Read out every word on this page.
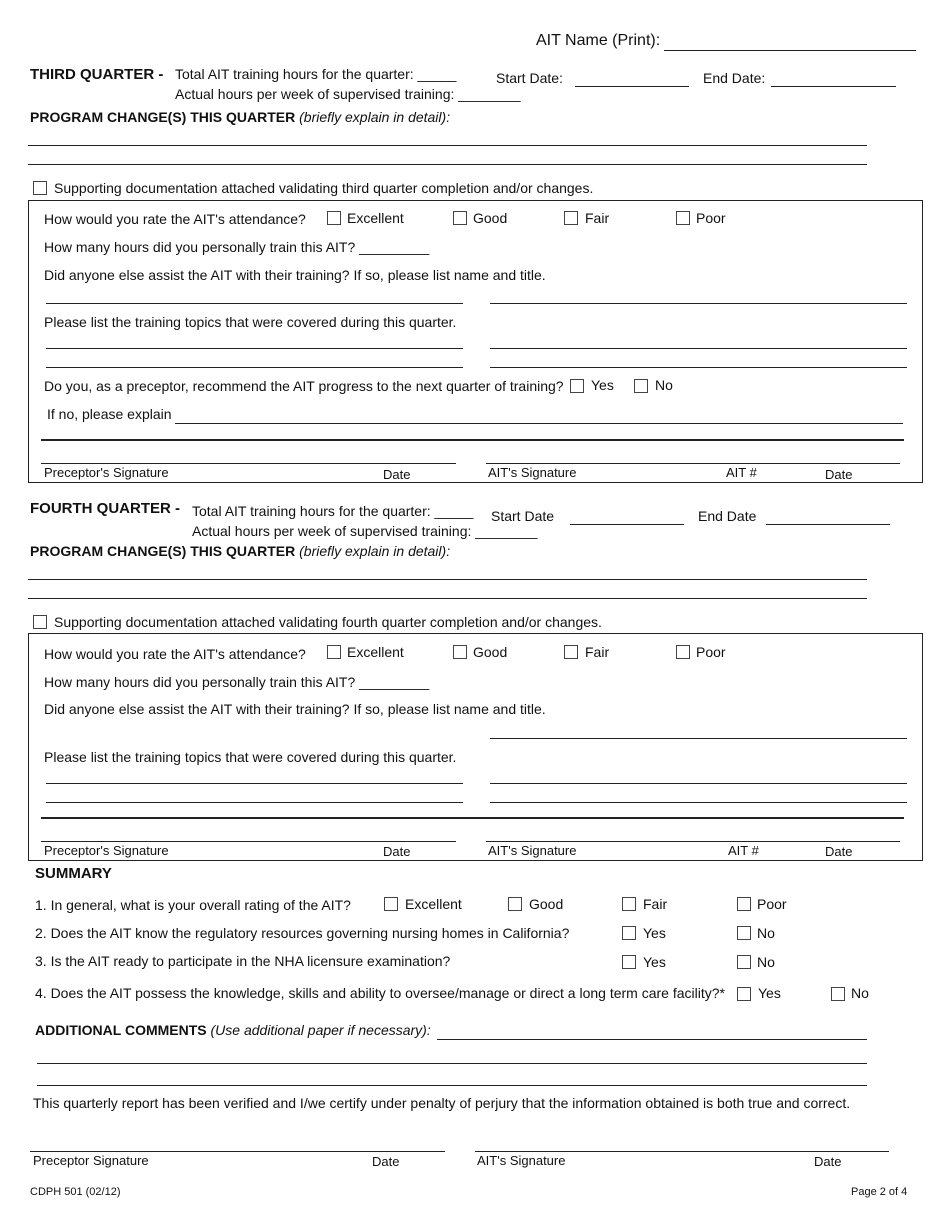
AIT Name (Print):
THIRD QUARTER - Total AIT training hours for the quarter: _____
Actual hours per week of supervised training: ________
Start Date:	End Date:
PROGRAM CHANGE(S) THIS QUARTER (briefly explain in detail):
Supporting documentation attached validating third quarter completion and/or changes.
How would you rate the AIT's attendance?	Excellent	Good	Fair	Poor
How many hours did you personally train this AIT? _________
Did anyone else assist the AIT with their training? If so, please list name and title.
Please list the training topics that were covered during this quarter.
Do you, as a preceptor, recommend the AIT progress to the next quarter of training? Yes	No
If no, please explain
Preceptor's Signature	Date	AIT's Signature	AIT #	Date
FOURTH QUARTER - Total AIT training hours for the quarter: _____
Actual hours per week of supervised training: ________
Start Date	End Date
PROGRAM CHANGE(S) THIS QUARTER (briefly explain in detail):
Supporting documentation attached validating fourth quarter completion and/or changes.
How would you rate the AIT's attendance?	Excellent	Good	Fair	Poor
How many hours did you personally train this AIT? _________
Did anyone else assist the AIT with their training? If so, please list name and title.
Please list the training topics that were covered during this quarter.
Preceptor's Signature	Date	AIT's Signature	AIT #	Date
SUMMARY
1. In general, what is your overall rating of the AIT?	Excellent	Good	Fair	Poor
2. Does the AIT know the regulatory resources governing nursing homes in California?	Yes	No
3. Is the AIT ready to participate in the NHA licensure examination?	Yes	No
4. Does the AIT possess the knowledge, skills and ability to oversee/manage or direct a long term care facility?* Yes	No
ADDITIONAL COMMENTS (Use additional paper if necessary):
This quarterly report has been verified and I/we certify under penalty of perjury that the information obtained is both true and correct.
Preceptor Signature	Date	AIT's Signature	Date
CDPH 501 (02/12)	Page 2 of 4
